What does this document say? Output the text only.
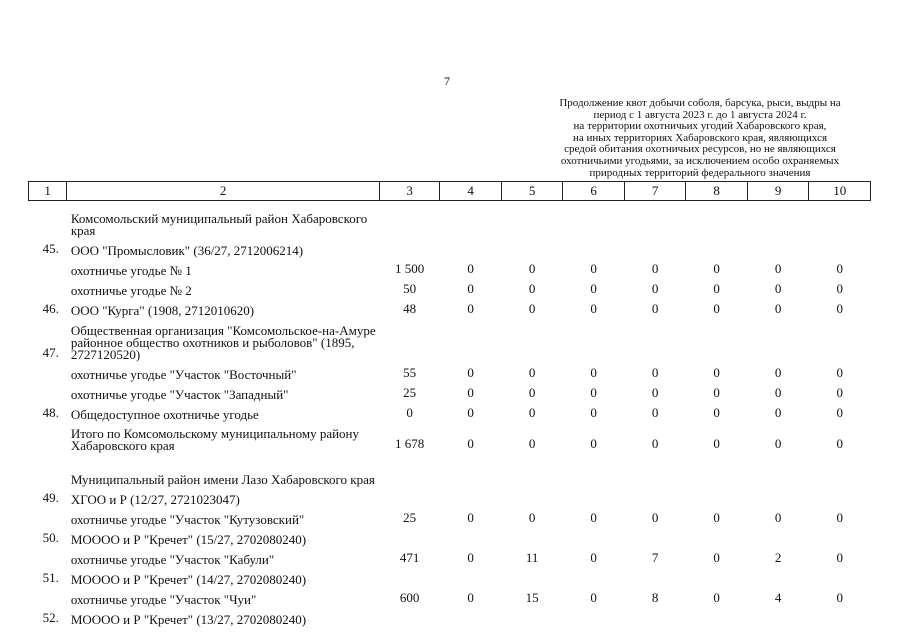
7
Продолжение квот добычи соболя, барсука, рыси, выдры на
период с 1 августа 2023 г. до 1 августа 2024 г.
на территории охотничьих угодий Хабаровского края,
на иных территориях Хабаровского края, являющихся
средой обитания охотничьих ресурсов, но не являющихся
охотничьими угодьями, за исключением особо охраняемых
природных территорий федерального значения
1	2	3	4	5	6	7	8	9	10
	Комсомольский муниципальный район Хабаровского края								
45.	ООО "Промысловик" (36/27, 2712006214)								
	охотничье угодье № 1	1 500	0	0	0	0	0	0	0
	охотничье угодье № 2	50	0	0	0	0	0	0	0
46.	ООО "Курга" (1908, 2712010620)	48	0	0	0	0	0	0	0
47.	Общественная организация "Комсомольское-на-Амуре районное общество охотников и рыболовов" (1895, 2727120520)								
	охотничье угодье "Участок "Восточный"	55	0	0	0	0	0	0	0
	охотничье угодье "Участок "Западный"	25	0	0	0	0	0	0	0
48.	Общедоступное охотничье угодье	0	0	0	0	0	0	0	0
	Итого по Комсомольскому муниципальному району Хабаровского края	1 678	0	0	0	0	0	0	0
	Муниципальный район имени Лазо Хабаровского края								
49.	ХГОО и Р (12/27, 2721023047)								
	охотничье угодье "Участок "Кутузовский"	25	0	0	0	0	0	0	0
50.	МОООО и Р "Кречет" (15/27, 2702080240)								
	охотничье угодье "Участок "Кабули"	471	0	11	0	7	0	2	0
51.	МОООО и Р "Кречет" (14/27, 2702080240)								
	охотничье угодье "Участок "Чуи"	600	0	15	0	8	0	4	0
52.	МОООО и Р "Кречет" (13/27, 2702080240)								
